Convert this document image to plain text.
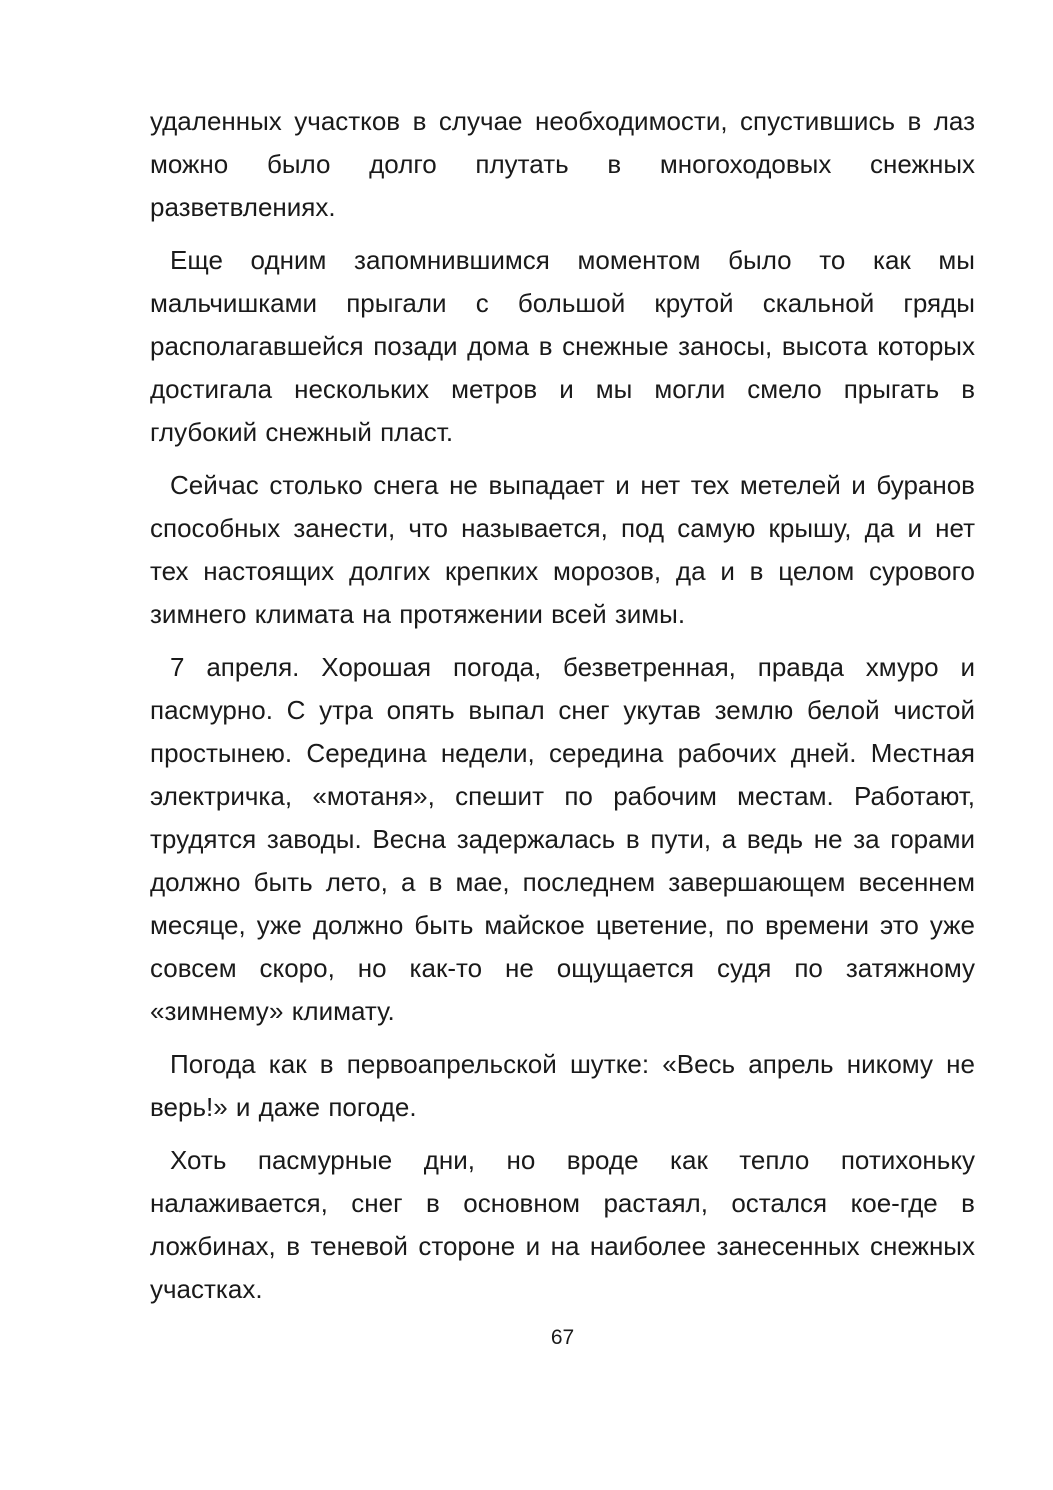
удаленных участков в случае необходимости, спустившись в лаз можно было долго плутать в многоходовых снежных разветвлениях.

Еще одним запомнившимся моментом было то как мы мальчишками прыгали с большой крутой скальной гряды располагавшейся позади дома в снежные заносы, высота которых достигала нескольких метров и мы могли смело прыгать в глубокий снежный пласт.

Сейчас столько снега не выпадает и нет тех метелей и буранов способных занести, что называется, под самую крышу, да и нет тех настоящих долгих крепких морозов, да и в целом сурового зимнего климата на протяжении всей зимы.

7 апреля. Хорошая погода, безветренная, правда хмуро и пасмурно. С утра опять выпал снег укутав землю белой чистой простынею. Середина недели, середина рабочих дней. Местная электричка, «мотаня», спешит по рабочим местам. Работают, трудятся заводы. Весна задержалась в пути, а ведь не за горами должно быть лето, а в мае, последнем завершающем весеннем месяце, уже должно быть майское цветение, по времени это уже совсем скоро, но как-то не ощущается судя по затяжному «зимнему» климату.

Погода как в первоапрельской шутке: «Весь апрель никому не верь!» и даже погоде.

Хоть пасмурные дни, но вроде как тепло потихоньку налаживается, снег в основном растаял, остался кое-где в ложбинах, в теневой стороне и на наиболее занесенных снежных участках.

67
